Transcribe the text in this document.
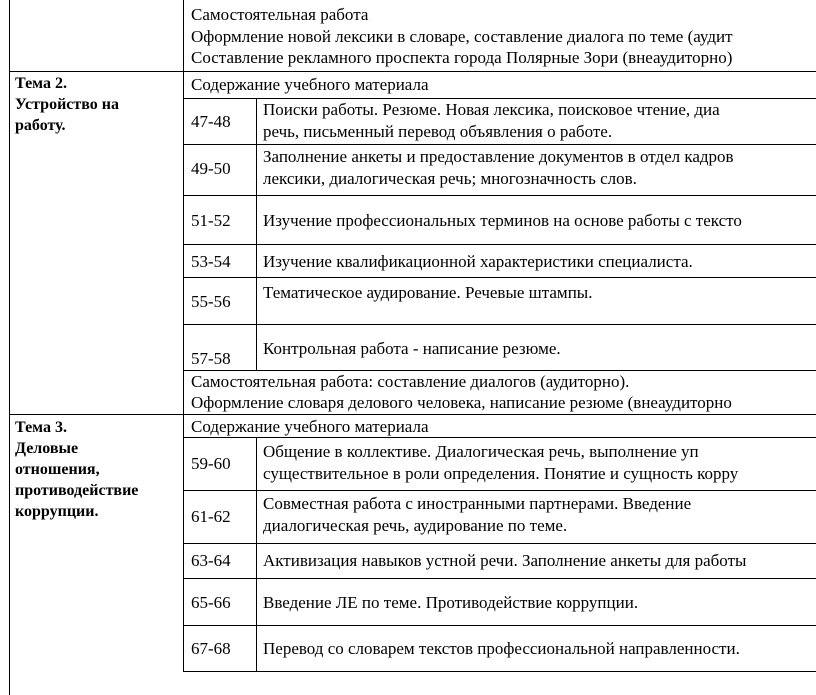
Самостоятельная работа
Оформление новой лексики в словаре, составление диалога по теме (аудит
Составление рекламного проспекта города Полярные Зори (внеаудиторно)
Тема 2.
Устройство на
работу.
Содержание учебного материала
47-48
Поиски работы. Резюме. Новая лексика, поисковое чтение, диа
речь, письменный перевод объявления о работе.
49-50
Заполнение анкеты и предоставление документов в отдел кадров
лексики, диалогическая речь; многозначность слов.
51-52 Изучение профессиональных терминов на основе работы с тексто
53-54 Изучение квалификационной характеристики специалиста.
55-56 Тематическое аудирование. Речевые штампы.
57-58
Контрольная работа - написание резюме.
Самостоятельная работа: составление диалогов (аудиторно).
Оформление словаря делового человека, написание резюме (внеаудиторно
Тема 3.
Деловые
отношения,
противодействие
коррупции.
Содержание учебного материала
59-60
Общение в коллективе. Диалогическая речь, выполнение уп
существительное в роли определения. Понятие и сущность корру
61-62
Совместная работа с иностранными партнерами. Введение
диалогическая речь, аудирование по теме.
63-64 Активизация навыков устной речи. Заполнение анкеты для работы
65-66 Введение ЛЕ по теме. Противодействие коррупции.
67-68 Перевод со словарем текстов профессиональной направленности.
